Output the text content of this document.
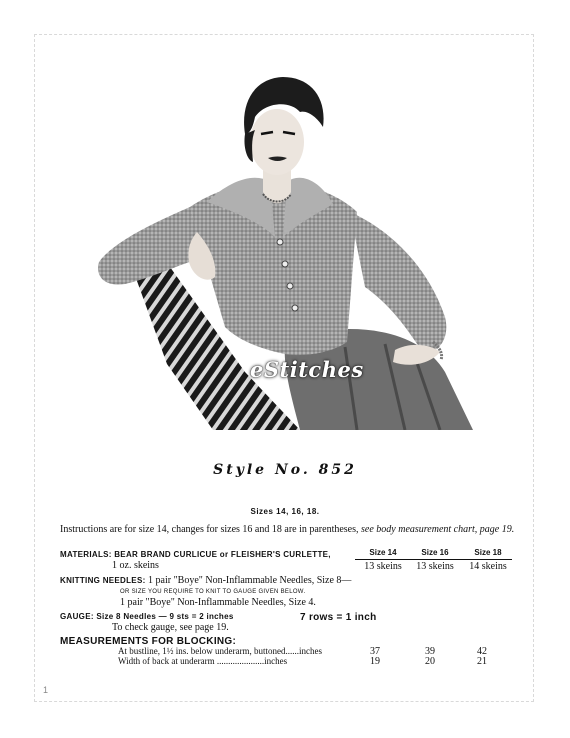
eStitches
Style No. 852
Sizes 14, 16, 18.
Instructions are for size 14, changes for sizes 16 and 18 are in parentheses, see body measurement chart, page 19.
MATERIALS: BEAR BRAND CURLICUE or FLEISHER'S CURLETTE,
1 oz. skeins
Size 14	Size 16	Size 18
13 skeins	13 skeins	14 skeins
KNITTING NEEDLES: 1 pair "Boye" Non-Inflammable Needles, Size 8—
OR SIZE YOU REQUIRE TO KNIT TO GAUGE GIVEN BELOW.
1 pair "Boye" Non-Inflammable Needles, Size 4.
GAUGE: Size 8 Needles — 9 sts = 2 inches	7 rows = 1 inch
To check gauge, see page 19.
MEASUREMENTS FOR BLOCKING:
At bustline, 1½ ins. below underarm, buttoned......inches	37	39	42
Width of back at underarm .....................inches	19	20	21
1
